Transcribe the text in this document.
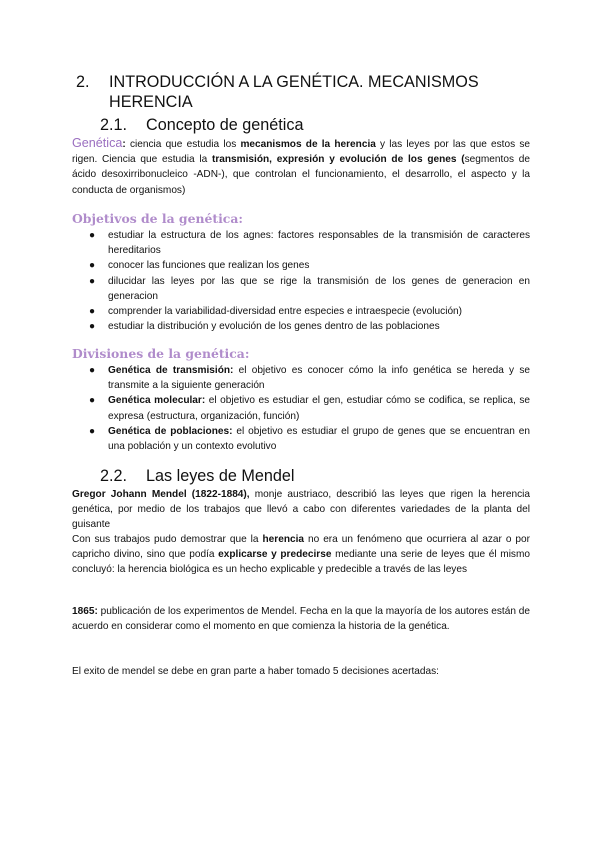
2. INTRODUCCIÓN A LA GENÉTICA. MECANISMOS HERENCIA
2.1. Concepto de genética
Genética: ciencia que estudia los mecanismos de la herencia y las leyes por las que estos se rigen. Ciencia que estudia la transmisión, expresión y evolución de los genes (segmentos de ácido desoxirribonucleico -ADN-), que controlan el funcionamiento, el desarrollo, el aspecto y la conducta de organismos)
Objetivos de la genética:
● estudiar la estructura de los agnes: factores responsables de la transmisión de caracteres hereditarios
● conocer las funciones que realizan los genes
● dilucidar las leyes por las que se rige la transmisión de los genes de generacion en generacion
● comprender la variabilidad-diversidad entre especies e intraespecie (evolución)
● estudiar la distribución y evolución de los genes dentro de las poblaciones
Divisiones de la genética:
● Genética de transmisión: el objetivo es conocer cómo la info genética se hereda y se transmite a la siguiente generación
● Genética molecular: el objetivo es estudiar el gen, estudiar cómo se codifica, se replica, se expresa (estructura, organización, función)
● Genética de poblaciones: el objetivo es estudiar el grupo de genes que se encuentran en una población y un contexto evolutivo
2.2. Las leyes de Mendel
Gregor Johann Mendel (1822-1884), monje austriaco, describió las leyes que rigen la herencia genética, por medio de los trabajos que llevó a cabo con diferentes variedades de la planta del guisante
Con sus trabajos pudo demostrar que la herencia no era un fenómeno que ocurriera al azar o por capricho divino, sino que podía explicarse y predecirse mediante una serie de leyes que él mismo concluyó: la herencia biológica es un hecho explicable y predecible a través de las leyes
1865: publicación de los experimentos de Mendel. Fecha en la que la mayoría de los autores están de acuerdo en considerar como el momento en que comienza la historia de la genética.
El exito de mendel se debe en gran parte a haber tomado 5 decisiones acertadas:
